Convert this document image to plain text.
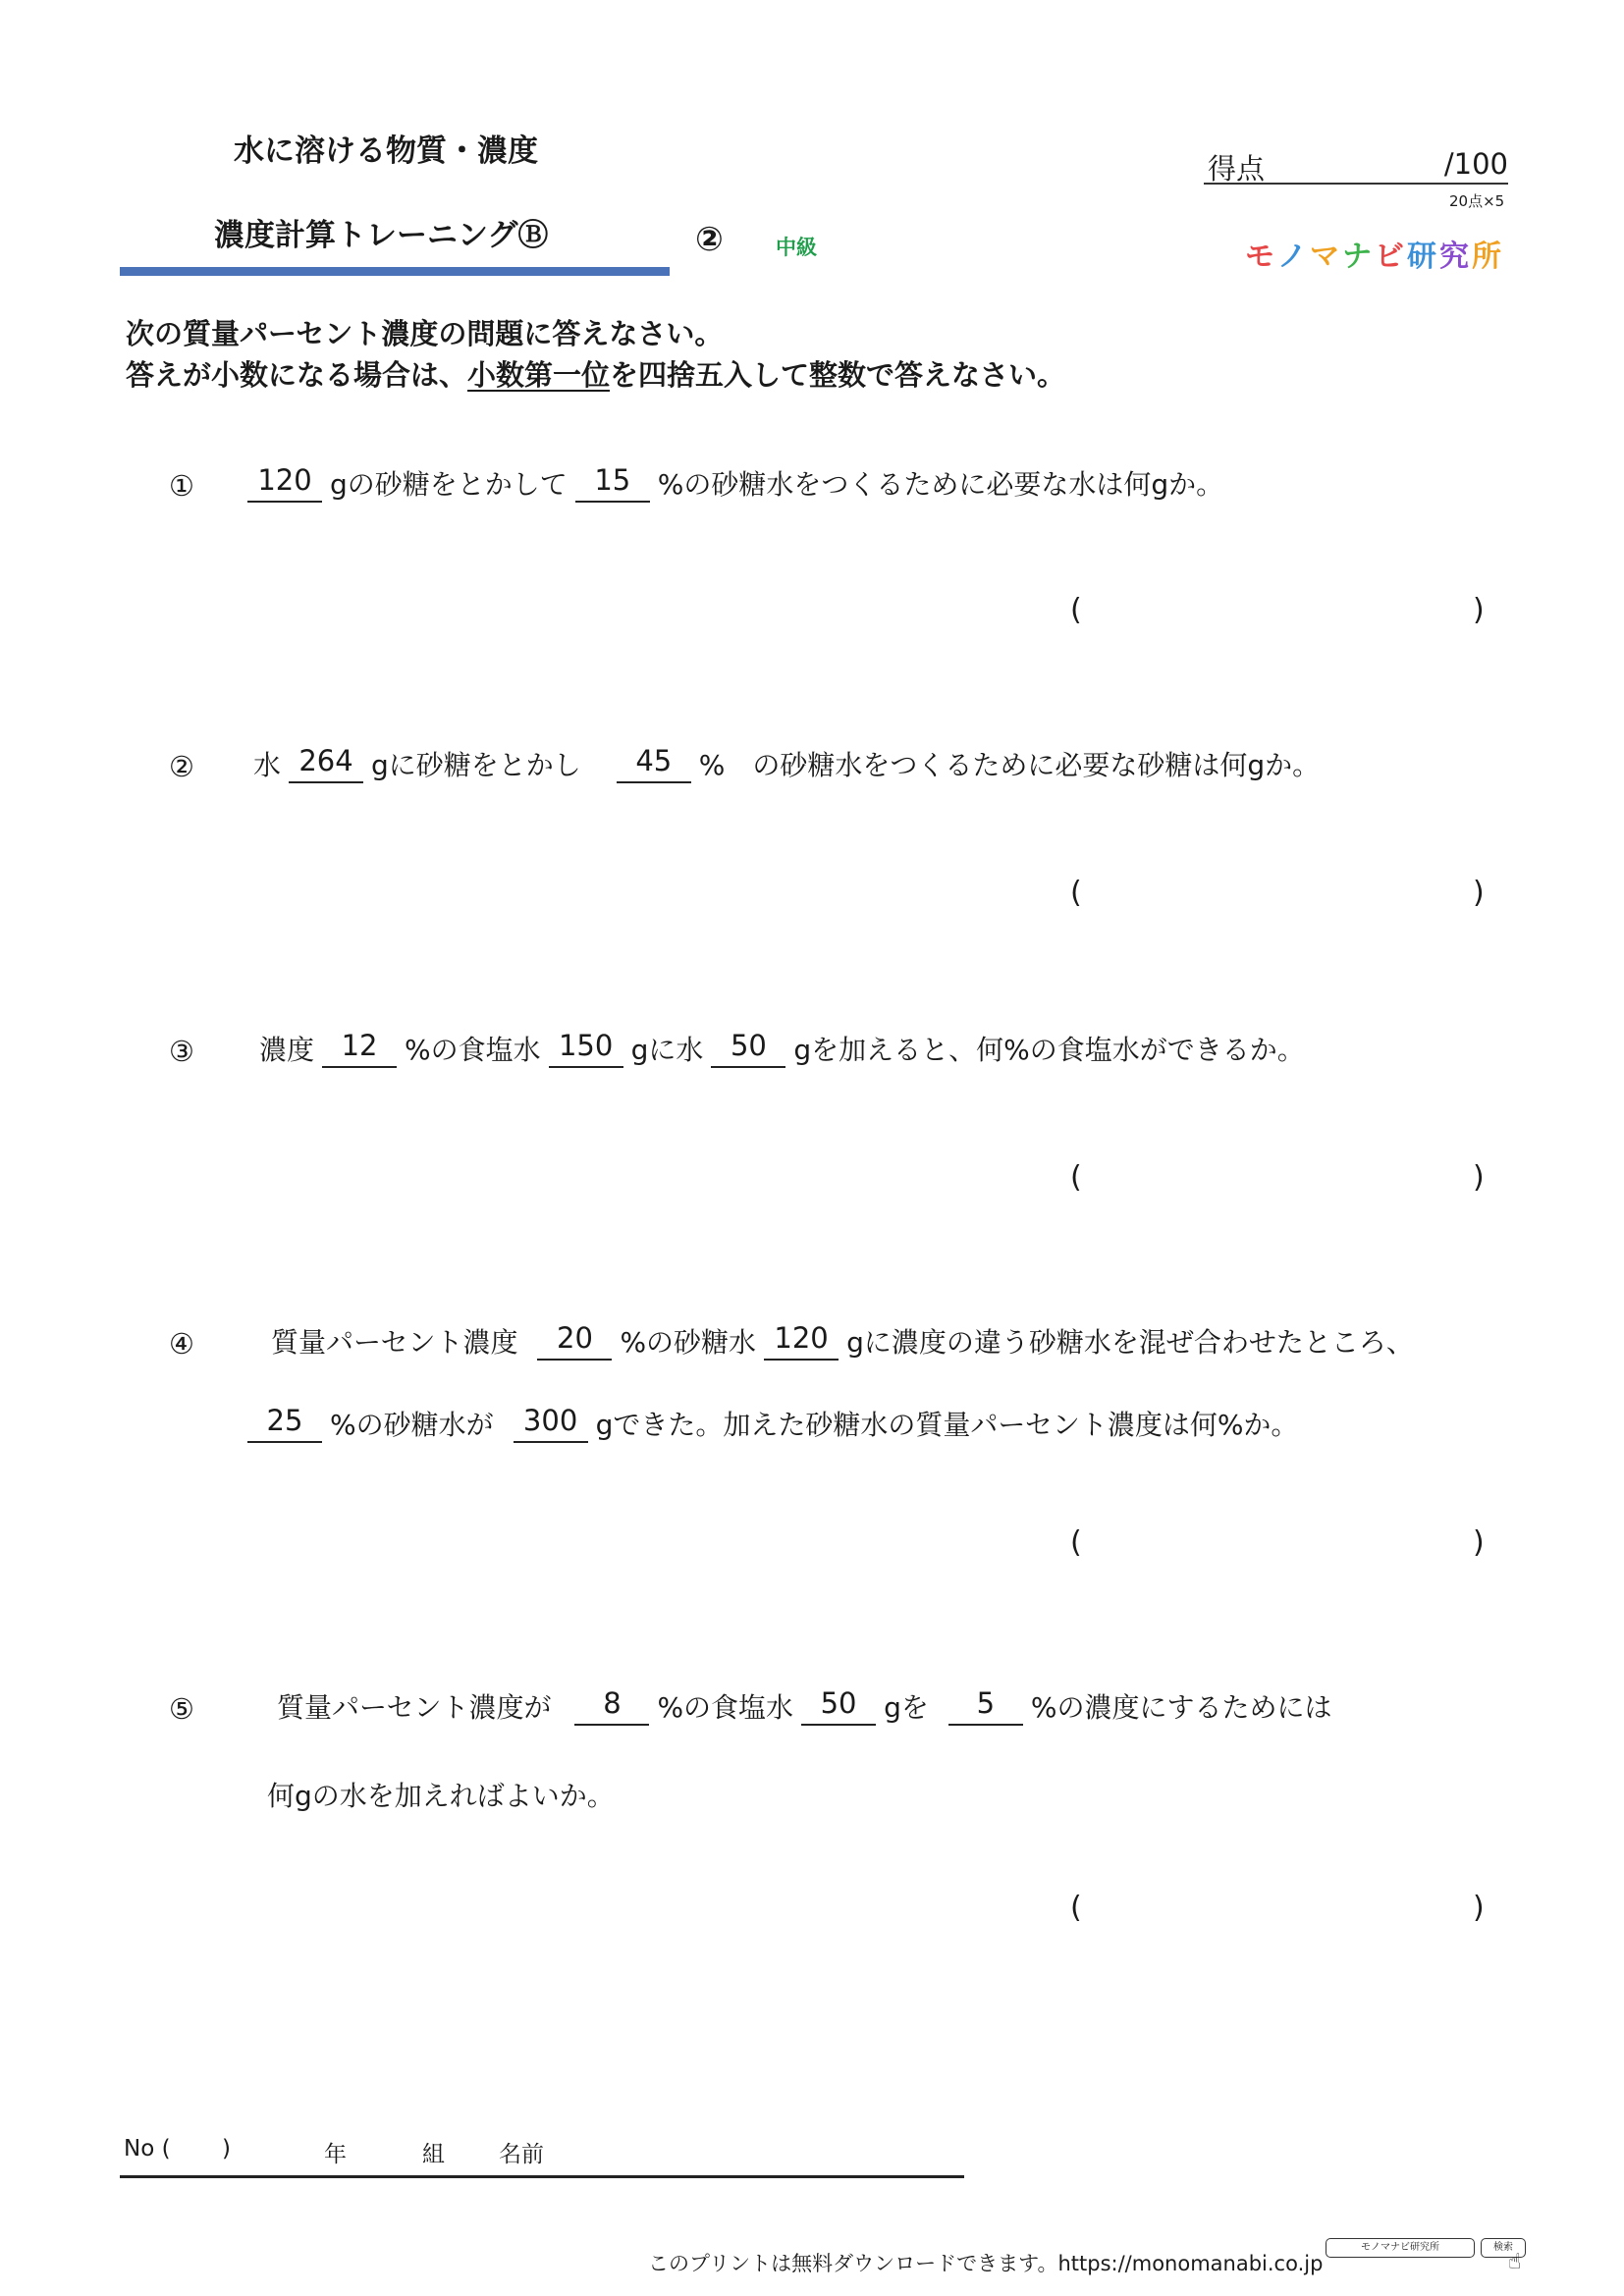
水に溶ける物質・濃度
濃度計算トレーニングⒷ	②	中級
得点	/100
20点×5
モノマナビ研究所
次の質量パーセント濃度の問題に答えなさい。
答えが小数になる場合は、小数第一位を四捨五入して整数で答えなさい。
①	120 gの砂糖をとかして 15 %の砂糖水をつくるために必要な水は何gか。
(	)
② 水 264 gに砂糖をとかし	45 %　の砂糖水をつくるために必要な砂糖は何gか。
(	)
③ 濃度 12 %の食塩水 150 gに水 50 gを加えると、何%の食塩水ができるか。
(	)
④	質量パーセント濃度	20 %の砂糖水 120 gに濃度の違う砂糖水を混ぜ合わせたところ、
25 %の砂糖水が	300 gできた。加えた砂糖水の質量パーセント濃度は何%か。
(	)
⑤	質量パーセント濃度が	8	%の食塩水 50 gを	5	%の濃度にするためには
何gの水を加えればよいか。
(	)
No ( )	年	組 名前
このプリントは無料ダウンロードできます。https://monomanabi.co.jp
モノマナビ研究所	検索
☝
